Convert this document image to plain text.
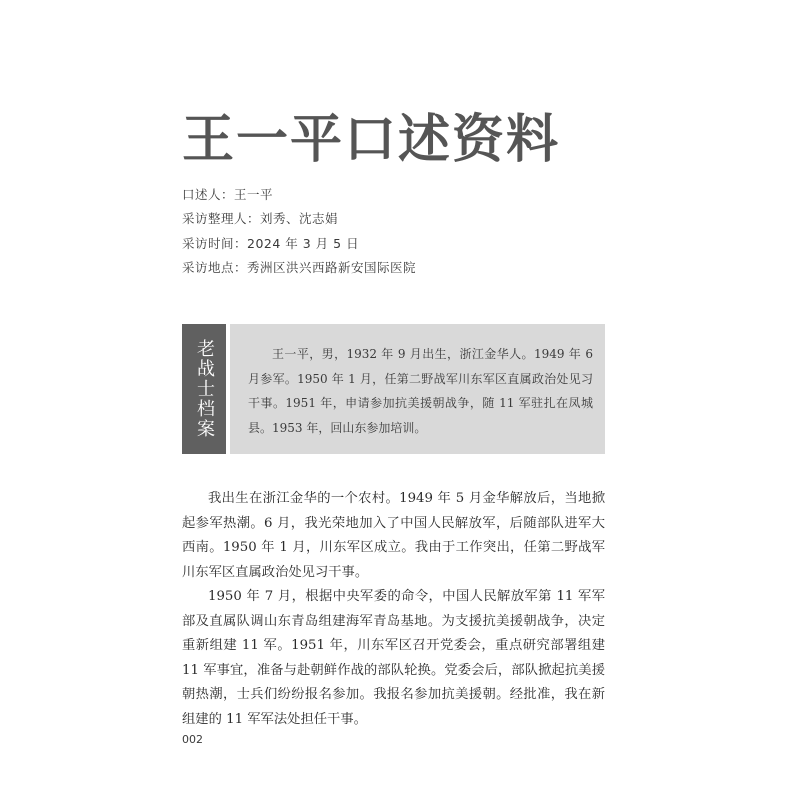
王一平口述资料
口述人：王一平
采访整理人：刘秀、沈志娟
采访时间：2024 年 3 月 5 日
采访地点：秀洲区洪兴西路新安国际医院
老战士档案	王一平，男，1932 年 9 月出生，浙江金华人。1949 年 6 月参军。1950 年 1 月，任第二野战军川东军区直属政治处见习干事。1951 年，申请参加抗美援朝战争，随 11 军驻扎在凤城县。1953 年，回山东参加培训。

我出生在浙江金华的一个农村。1949 年 5 月金华解放后，当地掀起参军热潮。6 月，我光荣地加入了中国人民解放军，后随部队进军大西南。1950 年 1 月，川东军区成立。我由于工作突出，任第二野战军川东军区直属政治处见习干事。

1950 年 7 月，根据中央军委的命令，中国人民解放军第 11 军军部及直属队调山东青岛组建海军青岛基地。为支援抗美援朝战争，决定重新组建 11 军。1951 年，川东军区召开党委会，重点研究部署组建 11 军事宜，准备与赴朝鲜作战的部队轮换。党委会后，部队掀起抗美援朝热潮，士兵们纷纷报名参加。我报名参加抗美援朝。经批准，我在新组建的 11 军军法处担任干事。

002
